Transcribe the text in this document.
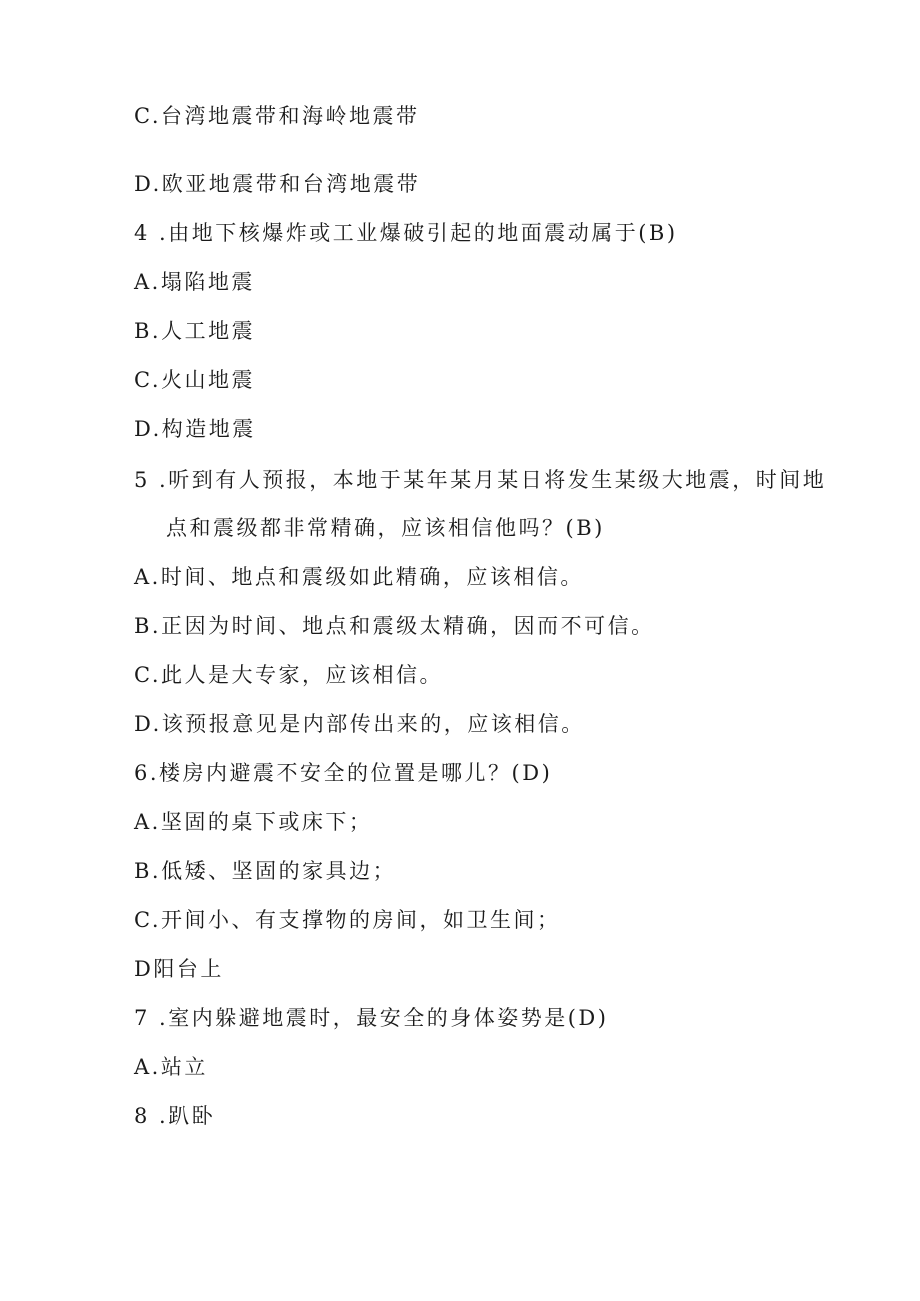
C.台湾地震带和海岭地震带
D.欧亚地震带和台湾地震带
4 .由地下核爆炸或工业爆破引起的地面震动属于(B)
A.塌陷地震
B.人工地震
C.火山地震
D.构造地震
5 .听到有人预报，本地于某年某月某日将发生某级大地震，时间地
点和震级都非常精确，应该相信他吗？(B)
A.时间、地点和震级如此精确，应该相信。
B.正因为时间、地点和震级太精确，因而不可信。
C.此人是大专家，应该相信。
D.该预报意见是内部传出来的，应该相信。
6.楼房内避震不安全的位置是哪儿？(D)
A.坚固的桌下或床下；
B.低矮、坚固的家具边；
C.开间小、有支撑物的房间，如卫生间；
D阳台上
7 .室内躲避地震时，最安全的身体姿势是(D)
A.站立
8 .趴卧
